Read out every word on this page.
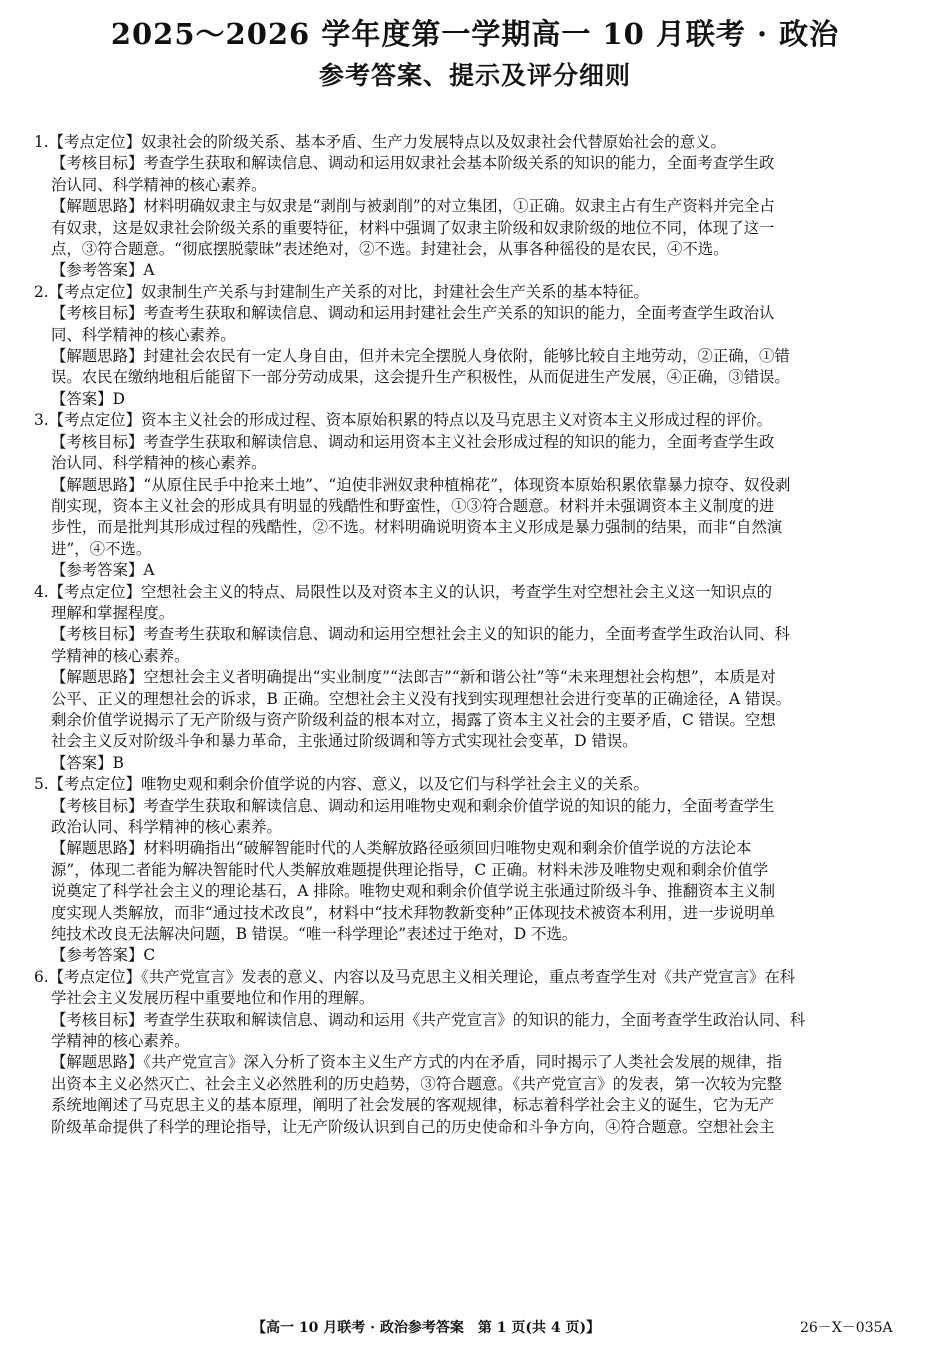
2025～2026 学年度第一学期高一 10 月联考 · 政治
参考答案、提示及评分细则
1.【考点定位】奴隶社会的阶级关系、基本矛盾、生产力发展特点以及奴隶社会代替原始社会的意义。
【考核目标】考查学生获取和解读信息、调动和运用奴隶社会基本阶级关系的知识的能力，全面考查学生政
治认同、科学精神的核心素养。
【解题思路】材料明确奴隶主与奴隶是“剥削与被剥削”的对立集团，①正确。奴隶主占有生产资料并完全占
有奴隶，这是奴隶社会阶级关系的重要特征，材料中强调了奴隶主阶级和奴隶阶级的地位不同，体现了这一
点，③符合题意。“彻底摆脱蒙昧”表述绝对，②不选。封建社会，从事各种徭役的是农民，④不选。
【参考答案】A
2.【考点定位】奴隶制生产关系与封建制生产关系的对比，封建社会生产关系的基本特征。
【考核目标】考查考生获取和解读信息、调动和运用封建社会生产关系的知识的能力，全面考查学生政治认
同、科学精神的核心素养。
【解题思路】封建社会农民有一定人身自由，但并未完全摆脱人身依附，能够比较自主地劳动，②正确，①错
误。农民在缴纳地租后能留下一部分劳动成果，这会提升生产积极性，从而促进生产发展，④正确，③错误。
【答案】D
3.【考点定位】资本主义社会的形成过程、资本原始积累的特点以及马克思主义对资本主义形成过程的评价。
【考核目标】考查学生获取和解读信息、调动和运用资本主义社会形成过程的知识的能力，全面考查学生政
治认同、科学精神的核心素养。
【解题思路】“从原住民手中抢来土地”、“迫使非洲奴隶种植棉花”，体现资本原始积累依靠暴力掠夺、奴役剥
削实现，资本主义社会的形成具有明显的残酷性和野蛮性，①③符合题意。材料并未强调资本主义制度的进
步性，而是批判其形成过程的残酷性，②不选。材料明确说明资本主义形成是暴力强制的结果，而非“自然演
进”，④不选。
【参考答案】A
4.【考点定位】空想社会主义的特点、局限性以及对资本主义的认识，考查学生对空想社会主义这一知识点的
理解和掌握程度。
【考核目标】考查考生获取和解读信息、调动和运用空想社会主义的知识的能力，全面考查学生政治认同、科
学精神的核心素养。
【解题思路】空想社会主义者明确提出“实业制度”“法郎吉”“新和谐公社”等“未来理想社会构想”，本质是对
公平、正义的理想社会的诉求，B 正确。空想社会主义没有找到实现理想社会进行变革的正确途径，A 错误。
剩余价值学说揭示了无产阶级与资产阶级利益的根本对立，揭露了资本主义社会的主要矛盾，C 错误。空想
社会主义反对阶级斗争和暴力革命，主张通过阶级调和等方式实现社会变革，D 错误。
【答案】B
5.【考点定位】唯物史观和剩余价值学说的内容、意义，以及它们与科学社会主义的关系。
【考核目标】考查学生获取和解读信息、调动和运用唯物史观和剩余价值学说的知识的能力，全面考查学生
政治认同、科学精神的核心素养。
【解题思路】材料明确指出“破解智能时代的人类解放路径亟须回归唯物史观和剩余价值学说的方法论本
源”，体现二者能为解决智能时代人类解放难题提供理论指导，C 正确。材料未涉及唯物史观和剩余价值学
说奠定了科学社会主义的理论基石，A 排除。唯物史观和剩余价值学说主张通过阶级斗争、推翻资本主义制
度实现人类解放，而非“通过技术改良”，材料中“技术拜物教新变种”正体现技术被资本利用，进一步说明单
纯技术改良无法解决问题，B 错误。“唯一科学理论”表述过于绝对，D 不选。
【参考答案】C
6.【考点定位】《共产党宣言》发表的意义、内容以及马克思主义相关理论，重点考查学生对《共产党宣言》在科
学社会主义发展历程中重要地位和作用的理解。
【考核目标】考查学生获取和解读信息、调动和运用《共产党宣言》的知识的能力，全面考查学生政治认同、科
学精神的核心素养。
【解题思路】《共产党宣言》深入分析了资本主义生产方式的内在矛盾，同时揭示了人类社会发展的规律，指
出资本主义必然灭亡、社会主义必然胜利的历史趋势，③符合题意。《共产党宣言》的发表，第一次较为完整
系统地阐述了马克思主义的基本原理，阐明了社会发展的客观规律，标志着科学社会主义的诞生，它为无产
阶级革命提供了科学的理论指导，让无产阶级认识到自己的历史使命和斗争方向，④符合题意。空想社会主
【高一 10 月联考 · 政治参考答案　第 1 页(共 4 页)】	26－X－035A
